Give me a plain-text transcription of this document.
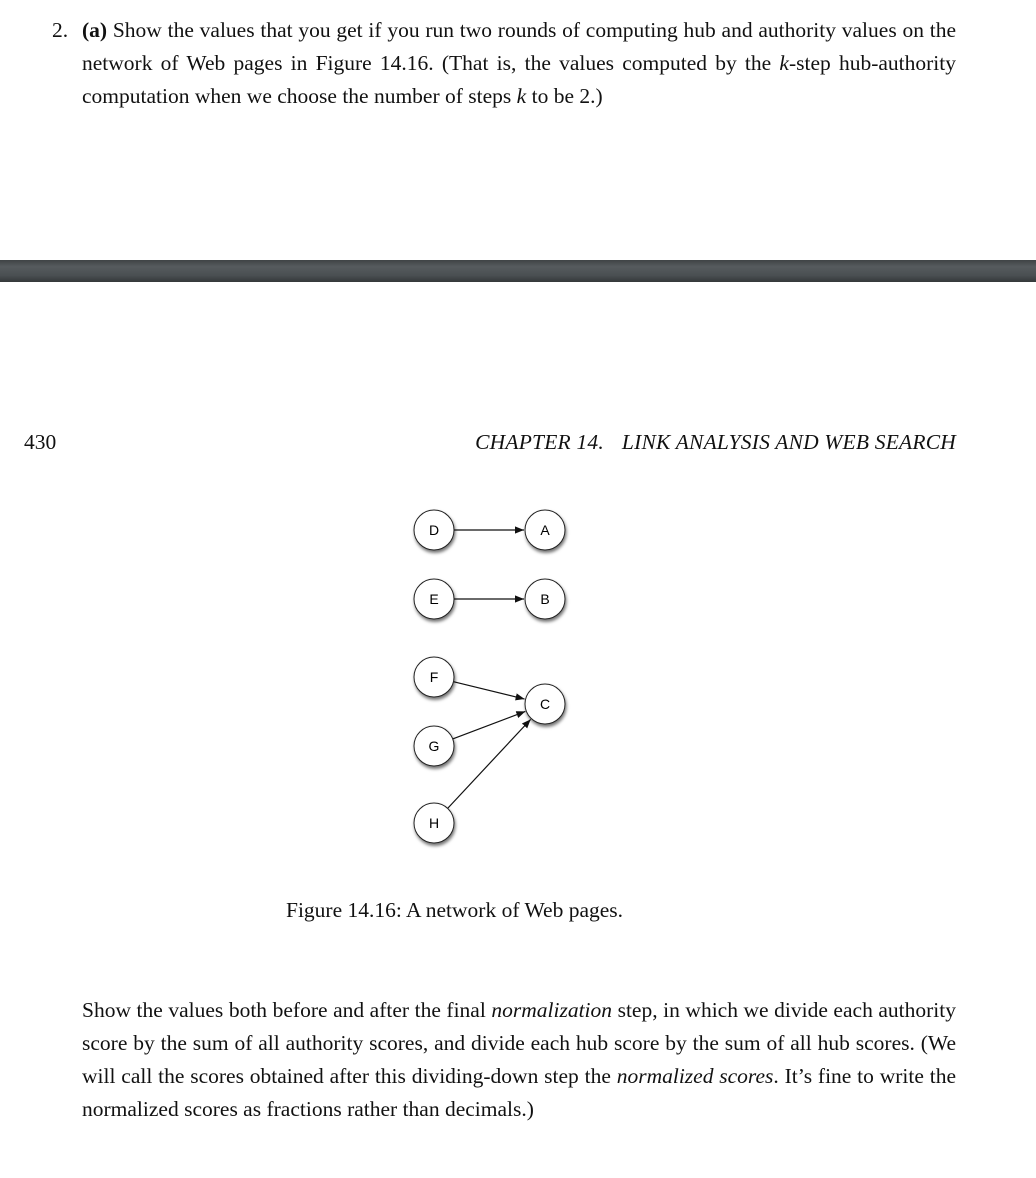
2. (a) Show the values that you get if you run two rounds of computing hub and authority values on the network of Web pages in Figure 14.16. (That is, the values computed by the k-step hub-authority computation when we choose the number of steps k to be 2.)
430	CHAPTER 14. LINK ANALYSIS AND WEB SEARCH
D
E
F
G
H
A
B
C
Figure 14.16: A network of Web pages.
Show the values both before and after the final normalization step, in which we divide each authority score by the sum of all authority scores, and divide each hub score by the sum of all hub scores. (We will call the scores obtained after this dividing-down step the normalized scores. It’s fine to write the normalized scores as fractions rather than decimals.)
